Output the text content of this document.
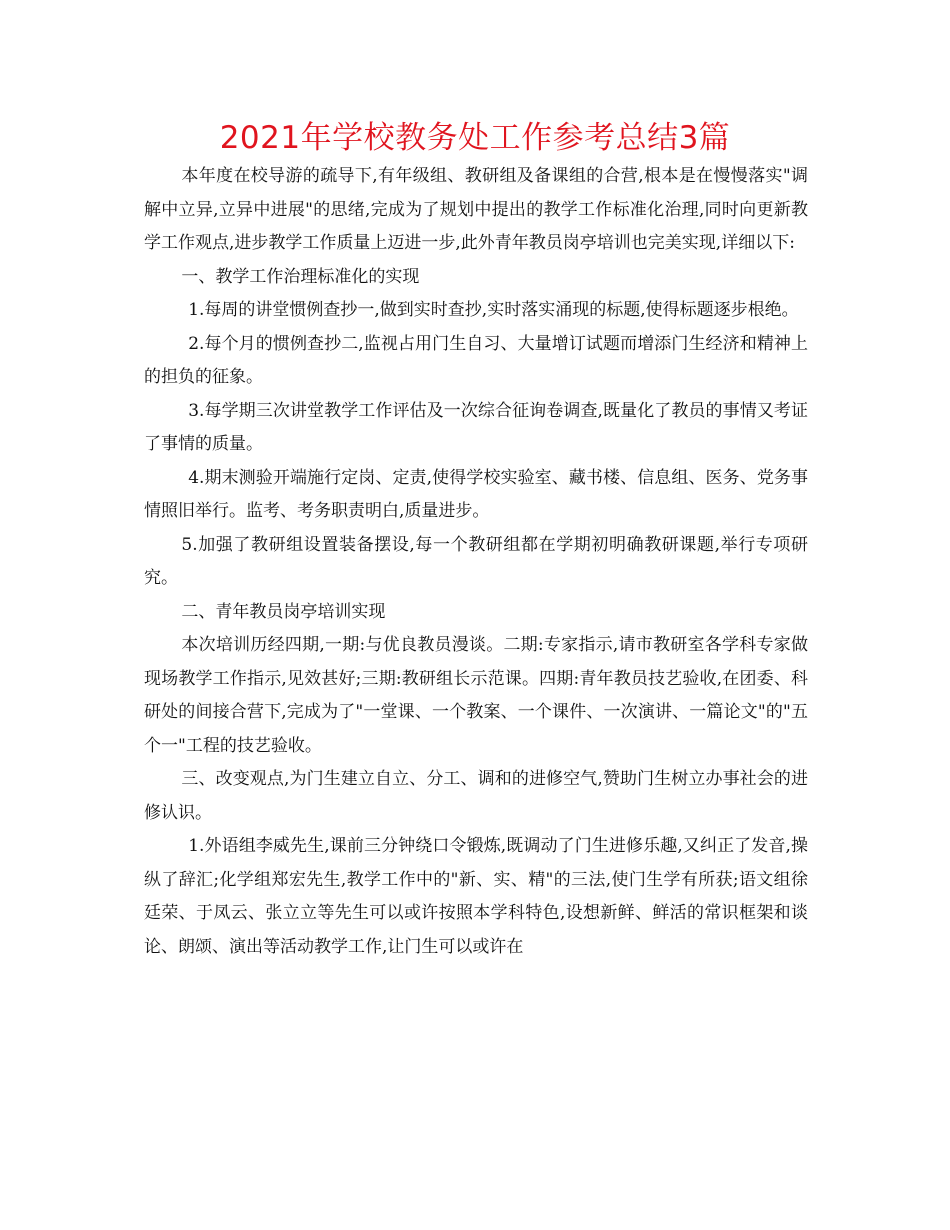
2021年学校教务处工作参考总结3篇

本年度在校导游的疏导下,有年级组、教研组及备课组的合营,根本是在慢慢落实"调解中立异,立异中进展"的思绪,完成为了规划中提出的教学工作标准化治理,同时向更新教学工作观点,进步教学工作质量上迈进一步,此外青年教员岗亭培训也完美实现,详细以下:

一、教学工作治理标准化的实现

1.每周的讲堂惯例查抄一,做到实时查抄,实时落实涌现的标题,使得标题逐步根绝。

2.每个月的惯例查抄二,监视占用门生自习、大量增订试题而增添门生经济和精神上的担负的征象。

3.每学期三次讲堂教学工作评估及一次综合征询卷调查,既量化了教员的事情又考证了事情的质量。

4.期末测验开端施行定岗、定责,使得学校实验室、藏书楼、信息组、医务、党务事情照旧举行。监考、考务职责明白,质量进步。

5.加强了教研组设置装备摆设,每一个教研组都在学期初明确教研课题,举行专项研究。

二、青年教员岗亭培训实现

本次培训历经四期,一期:与优良教员漫谈。二期:专家指示,请市教研室各学科专家做现场教学工作指示,见效甚好;三期:教研组长示范课。四期:青年教员技艺验收,在团委、科研处的间接合营下,完成为了"一堂课、一个教案、一个课件、一次演讲、一篇论文"的"五个一"工程的技艺验收。

三、改变观点,为门生建立自立、分工、调和的进修空气,赞助门生树立办事社会的进修认识。

1.外语组李威先生,课前三分钟绕口令锻炼,既调动了门生进修乐趣,又纠正了发音,操纵了辞汇;化学组郑宏先生,教学工作中的"新、实、精"的三法,使门生学有所获;语文组徐廷荣、于凤云、张立立等先生可以或许按照本学科特色,设想新鲜、鲜活的常识框架和谈论、朗颂、演出等活动教学工作,让门生可以或许在
